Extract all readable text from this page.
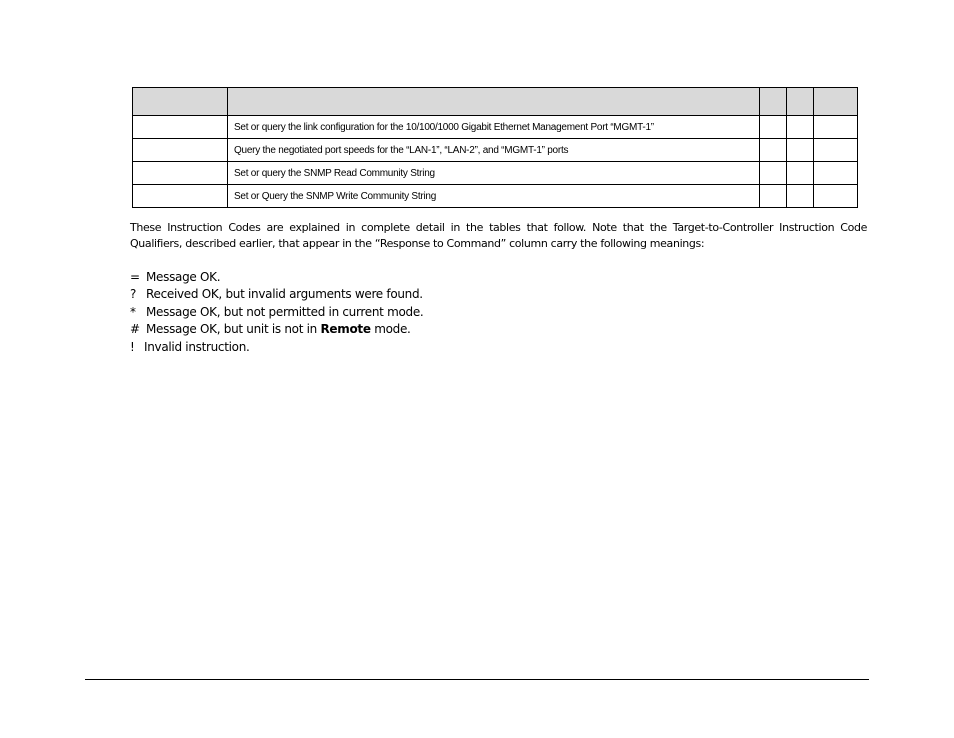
	Set or query the link configuration for the 10/100/1000 Gigabit Ethernet Management Port “MGMT-1”			
	Query the negotiated port speeds for the “LAN-1”, “LAN-2”, and “MGMT-1” ports			
	Set or query the SNMP Read Community String			
	Set or Query the SNMP Write Community String			
These Instruction Codes are explained in complete detail in the tables that follow. Note that the Target-to-Controller Instruction Code
Qualifiers, described earlier, that appear in the “Response to Command” column carry the following meanings:
= Message OK.
? Received OK, but invalid arguments were found.
* Message OK, but not permitted in current mode.
# Message OK, but unit is not in Remote mode.
! Invalid instruction.
